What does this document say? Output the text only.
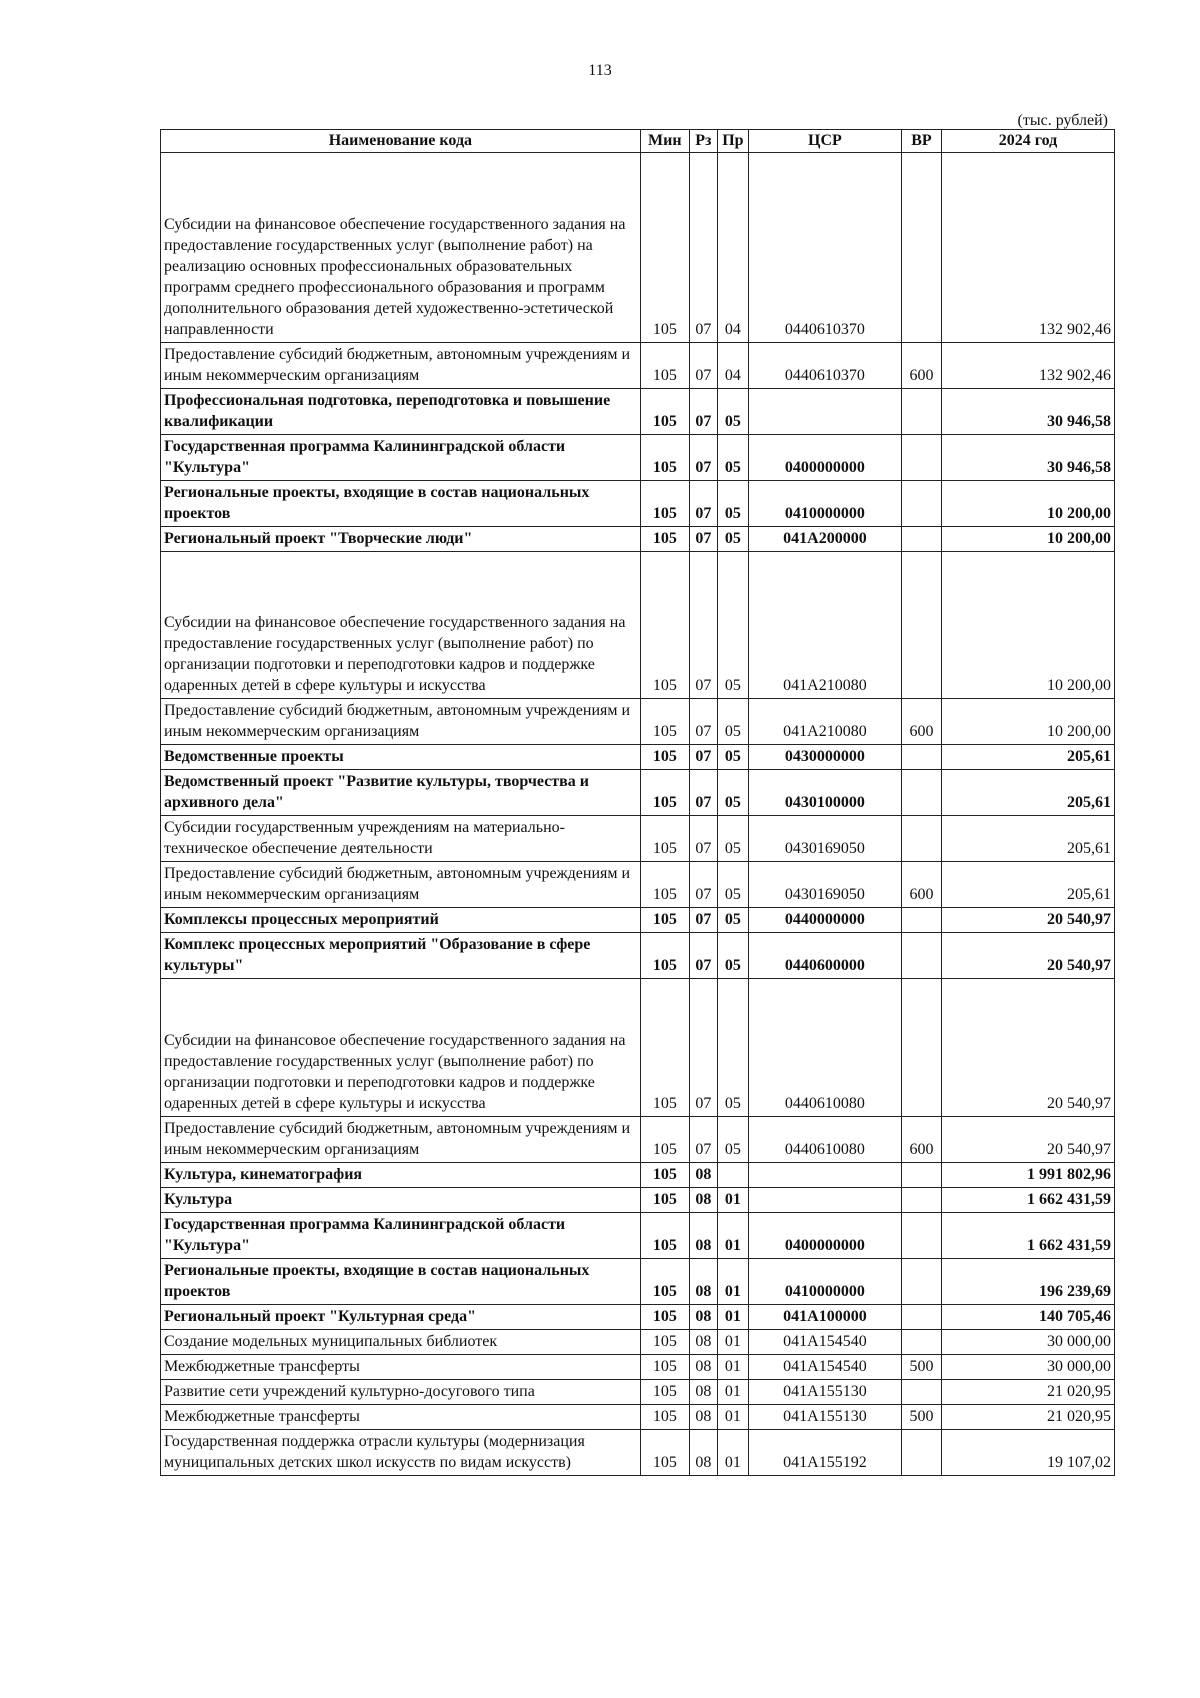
113
(тыс. рублей)
Наименование кода	Мин	Рз	Пр	ЦСР	ВР	2024 год
Субсидии на финансовое обеспечение государственного задания на предоставление государственных услуг (выполнение работ) на реализацию основных профессиональных образовательных программ среднего профессионального образования и программ дополнительного образования детей художественно-эстетической направленности	105	07	04	0440610370		132 902,46
Предоставление субсидий бюджетным, автономным учреждениям и иным некоммерческим организациям	105	07	04	0440610370	600	132 902,46
Профессиональная подготовка, переподготовка и повышение квалификации	105	07	05			30 946,58
Государственная программа Калининградской области "Культура"	105	07	05	0400000000		30 946,58
Региональные проекты, входящие в состав национальных проектов	105	07	05	0410000000		10 200,00
Региональный проект "Творческие люди"	105	07	05	041А200000		10 200,00
Субсидии на финансовое обеспечение государственного задания на предоставление государственных услуг (выполнение работ) по организации подготовки и переподготовки кадров и поддержке одаренных детей в сфере культуры и искусства	105	07	05	041А210080		10 200,00
Предоставление субсидий бюджетным, автономным учреждениям и иным некоммерческим организациям	105	07	05	041А210080	600	10 200,00
Ведомственные проекты	105	07	05	0430000000		205,61
Ведомственный проект "Развитие культуры, творчества и архивного дела"	105	07	05	0430100000		205,61
Субсидии государственным учреждениям на материально-техническое обеспечение деятельности	105	07	05	0430169050		205,61
Предоставление субсидий бюджетным, автономным учреждениям и иным некоммерческим организациям	105	07	05	0430169050	600	205,61
Комплексы процессных мероприятий	105	07	05	0440000000		20 540,97
Комплекс процессных мероприятий "Образование в сфере культуры"	105	07	05	0440600000		20 540,97
Субсидии на финансовое обеспечение государственного задания на предоставление государственных услуг (выполнение работ) по организации подготовки и переподготовки кадров и поддержке одаренных детей в сфере культуры и искусства	105	07	05	0440610080		20 540,97
Предоставление субсидий бюджетным, автономным учреждениям и иным некоммерческим организациям	105	07	05	0440610080	600	20 540,97
Культура, кинематография	105	08				1 991 802,96
Культура	105	08	01			1 662 431,59
Государственная программа Калининградской области "Культура"	105	08	01	0400000000		1 662 431,59
Региональные проекты, входящие в состав национальных проектов	105	08	01	0410000000		196 239,69
Региональный проект "Культурная среда"	105	08	01	041А100000		140 705,46
Создание модельных муниципальных библиотек	105	08	01	041А154540		30 000,00
Межбюджетные трансферты	105	08	01	041А154540	500	30 000,00
Развитие сети учреждений культурно-досугового типа	105	08	01	041А155130		21 020,95
Межбюджетные трансферты	105	08	01	041А155130	500	21 020,95
Государственная поддержка отрасли культуры (модернизация муниципальных детских школ искусств по видам искусств)	105	08	01	041А155192		19 107,02
